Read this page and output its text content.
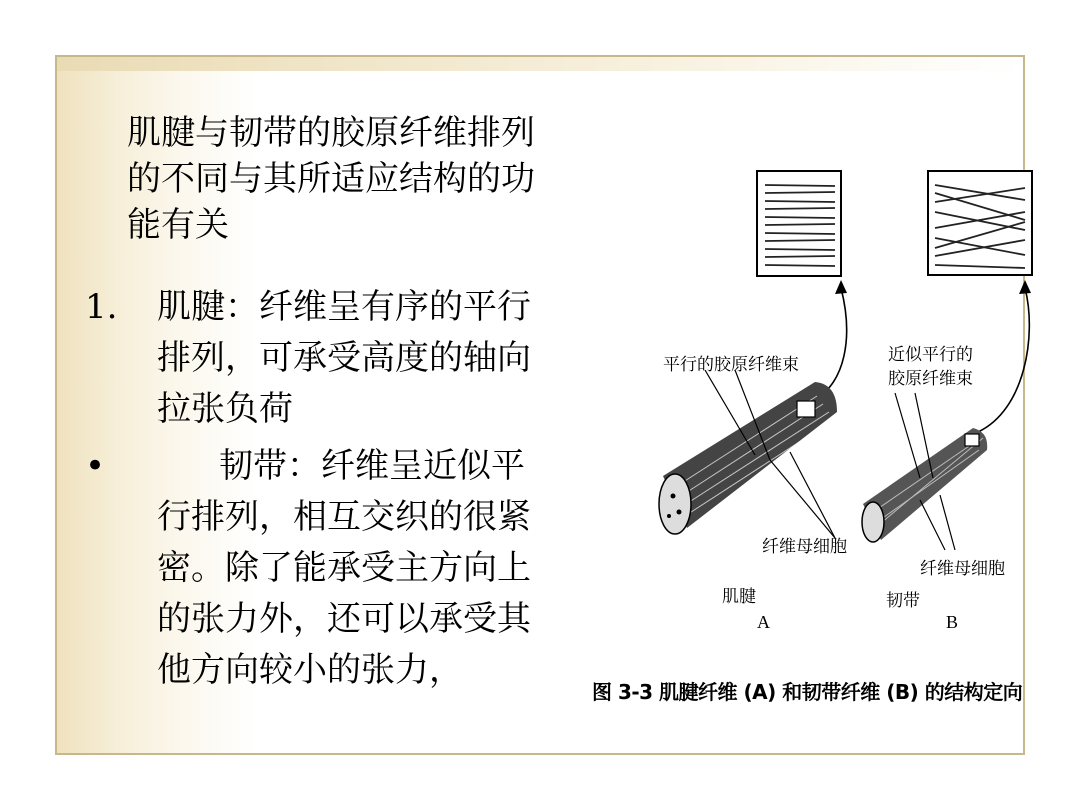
肌腱与韧带的胶原纤维排列的不同与其所适应结构的功能有关
1.	肌腱：纤维呈有序的平行排列，可承受高度的轴向拉张负荷
•	韧带：纤维呈近似平行排列，相互交织的很紧密。除了能承受主方向上的张力外，还可以承受其他方向较小的张力，
平行的胶原纤维束	近似平行的
胶原纤维束
纤维母细胞
纤维母细胞
肌腱	韧带
A	B
图 3-3 肌腱纤维 (A) 和韧带纤维 (B) 的结构定向
